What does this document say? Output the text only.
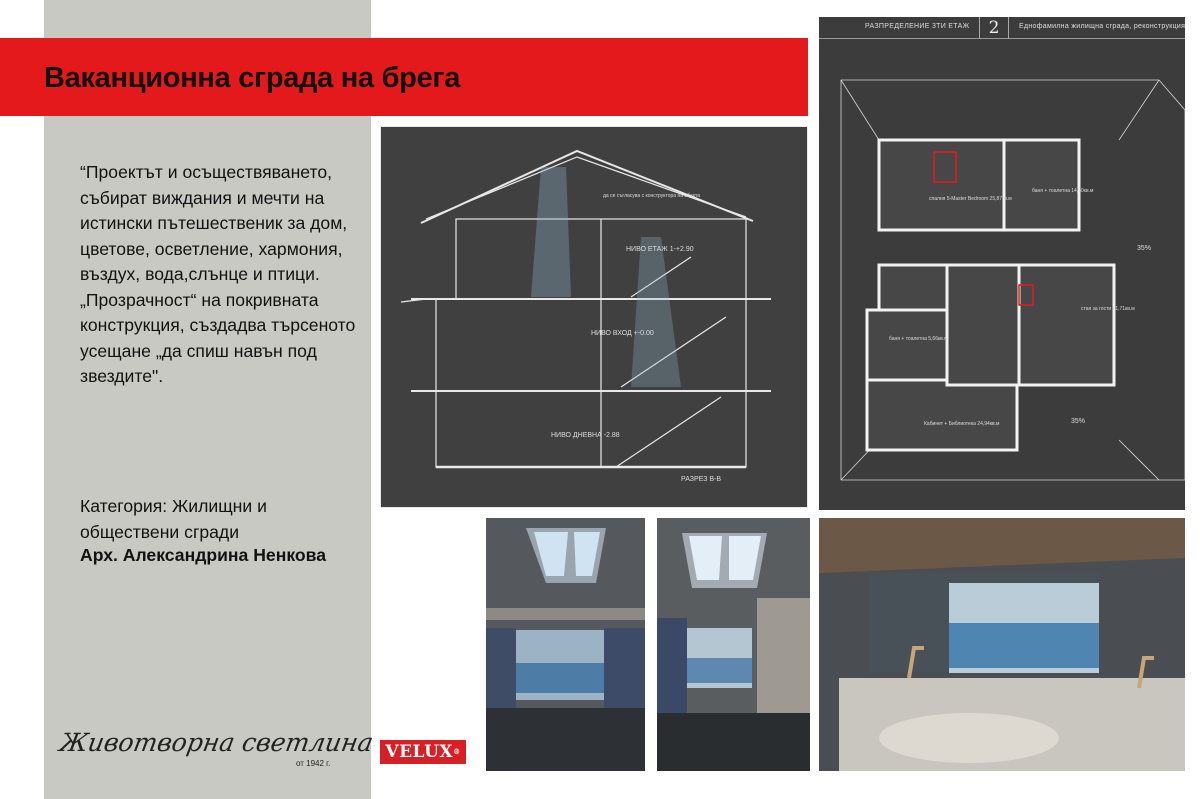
Ваканционна сграда на брега
“Проектът и осъществяването, събират виждания и мечти на истински пътешественик за дом, цветове, осветление, хармония, въздух, вода,слънце и птици. „Прозрачност“ на покривната конструкция, създадва търсеното усещане „да спиш навън под звездите".
Категория: Жилищни и обществени сгради
Арх. Александрина Ненкова
Животворна светлина
от 1942 г.
VELUX®
НИВО ЕТАЖ 1-+2.90
НИВО ВХОД +-0.00
НИВО ДНЕВНА -2.88
РАЗРЕЗ В-В
да се съгласува с конструктора на обекта
РАЗПРЕДЕЛЕНИЕ 3ТИ ЕТАЖ	2	Еднофамилна жилищна сграда, реконструкция
спалня 5-Master Bedroom 25,87кв.м
баня + тоалетна 14,50кв.м
стая за гости 21,71кв.м
баня + тоалетна 5,66кв.м
Кабинет + Библиотека 24,94кв.м
35%
35%
